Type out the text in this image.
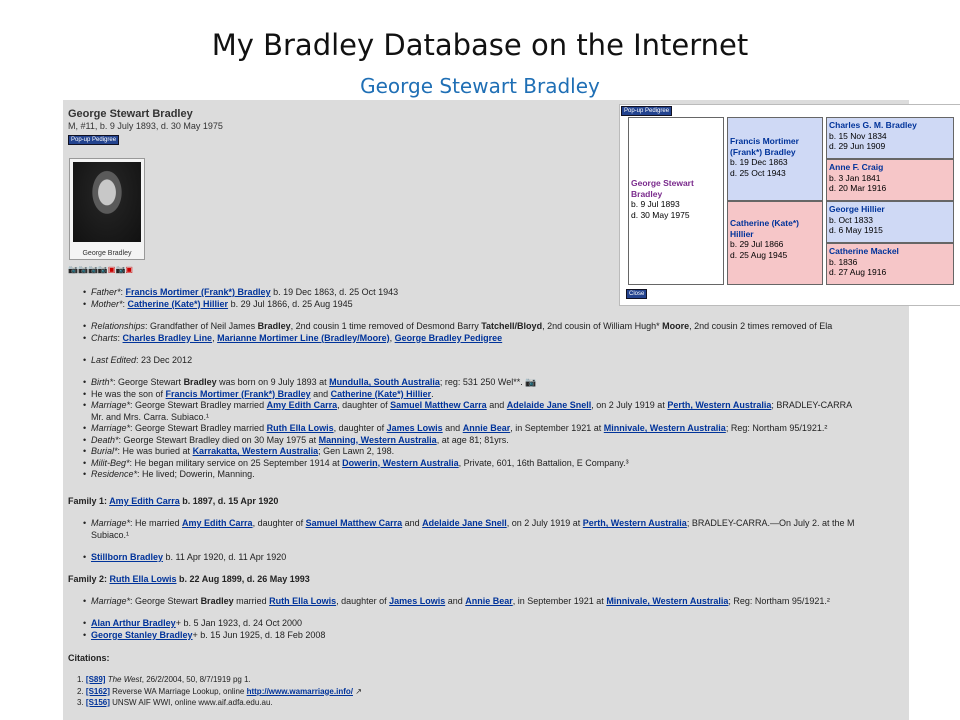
My Bradley Database on the Internet
George Stewart Bradley
George Stewart Bradley
M, #11, b. 9 July 1893, d. 30 May 1975
Pop-up Pedigree
George Bradley
📷📷📷📷▣📷▣
• Father*: Francis Mortimer (Frank*) Bradley b. 19 Dec 1863, d. 25 Oct 1943
• Mother*: Catherine (Kate*) Hillier b. 29 Jul 1866, d. 25 Aug 1945
• Relationships: Grandfather of Neil James Bradley, 2nd cousin 1 time removed of Desmond Barry Tatchell/Bloyd, 2nd cousin of William Hugh* Moore, 2nd cousin 2 times removed of Ela
• Charts: Charles Bradley Line, Marianne Mortimer Line (Bradley/Moore), George Bradley Pedigree
• Last Edited: 23 Dec 2012
• Birth*: George Stewart Bradley was born on 9 July 1893 at Mundulla, South Australia; reg: 531 250 Wel**. 📷
• He was the son of Francis Mortimer (Frank*) Bradley and Catherine (Kate*) Hillier.
• Marriage*: George Stewart Bradley married Amy Edith Carra, daughter of Samuel Matthew Carra and Adelaide Jane Snell, on 2 July 1919 at Perth, Western Australia; BRADLEY-CARRA
Mr. and Mrs. Carra. Subiaco.¹
• Marriage*: George Stewart Bradley married Ruth Ella Lowis, daughter of James Lowis and Annie Bear, in September 1921 at Minnivale, Western Australia; Reg: Northam 95/1921.²
• Death*: George Stewart Bradley died on 30 May 1975 at Manning, Western Australia, at age 81; 81yrs.
• Burial*: He was buried at Karrakatta, Western Australia; Gen Lawn 2, 198.
• Milit-Beg*: He began military service on 25 September 1914 at Dowerin, Western Australia, Private, 601, 16th Battalion, E Company.³
• Residence*: He lived; Dowerin, Manning.
Family 1: Amy Edith Carra b. 1897, d. 15 Apr 1920
• Marriage*: He married Amy Edith Carra, daughter of Samuel Matthew Carra and Adelaide Jane Snell, on 2 July 1919 at Perth, Western Australia; BRADLEY-CARRA.—On July 2. at the M
Subiaco.¹
• Stillborn Bradley b. 11 Apr 1920, d. 11 Apr 1920
Family 2: Ruth Ella Lowis b. 22 Aug 1899, d. 26 May 1993
• Marriage*: George Stewart Bradley married Ruth Ella Lowis, daughter of James Lowis and Annie Bear, in September 1921 at Minnivale, Western Australia; Reg: Northam 95/1921.²
• Alan Arthur Bradley+ b. 5 Jan 1923, d. 24 Oct 2000
• George Stanley Bradley+ b. 15 Jun 1925, d. 18 Feb 2008
Citations:
1. [S89] The West, 26/2/2004, 50, 8/7/1919 pg 1.
2. [S162] Reverse WA Marriage Lookup, online http://www.wamarriage.info/ ↗
3. [S156] UNSW AIF WWI, online www.aif.adfa.edu.au.
Pop-up Pedigree
George Stewart Bradley
b. 9 Jul 1893
d. 30 May 1975
Francis Mortimer (Frank*) Bradley
b. 19 Dec 1863
d. 25 Oct 1943
Catherine (Kate*) Hillier
b. 29 Jul 1866
d. 25 Aug 1945
Charles G. M. Bradley
b. 15 Nov 1834
d. 29 Jun 1909
Anne F. Craig
b. 3 Jan 1841
d. 20 Mar 1916
George Hillier
b. Oct 1833
d. 6 May 1915
Catherine Mackel
b. 1836
d. 27 Aug 1916
Close
